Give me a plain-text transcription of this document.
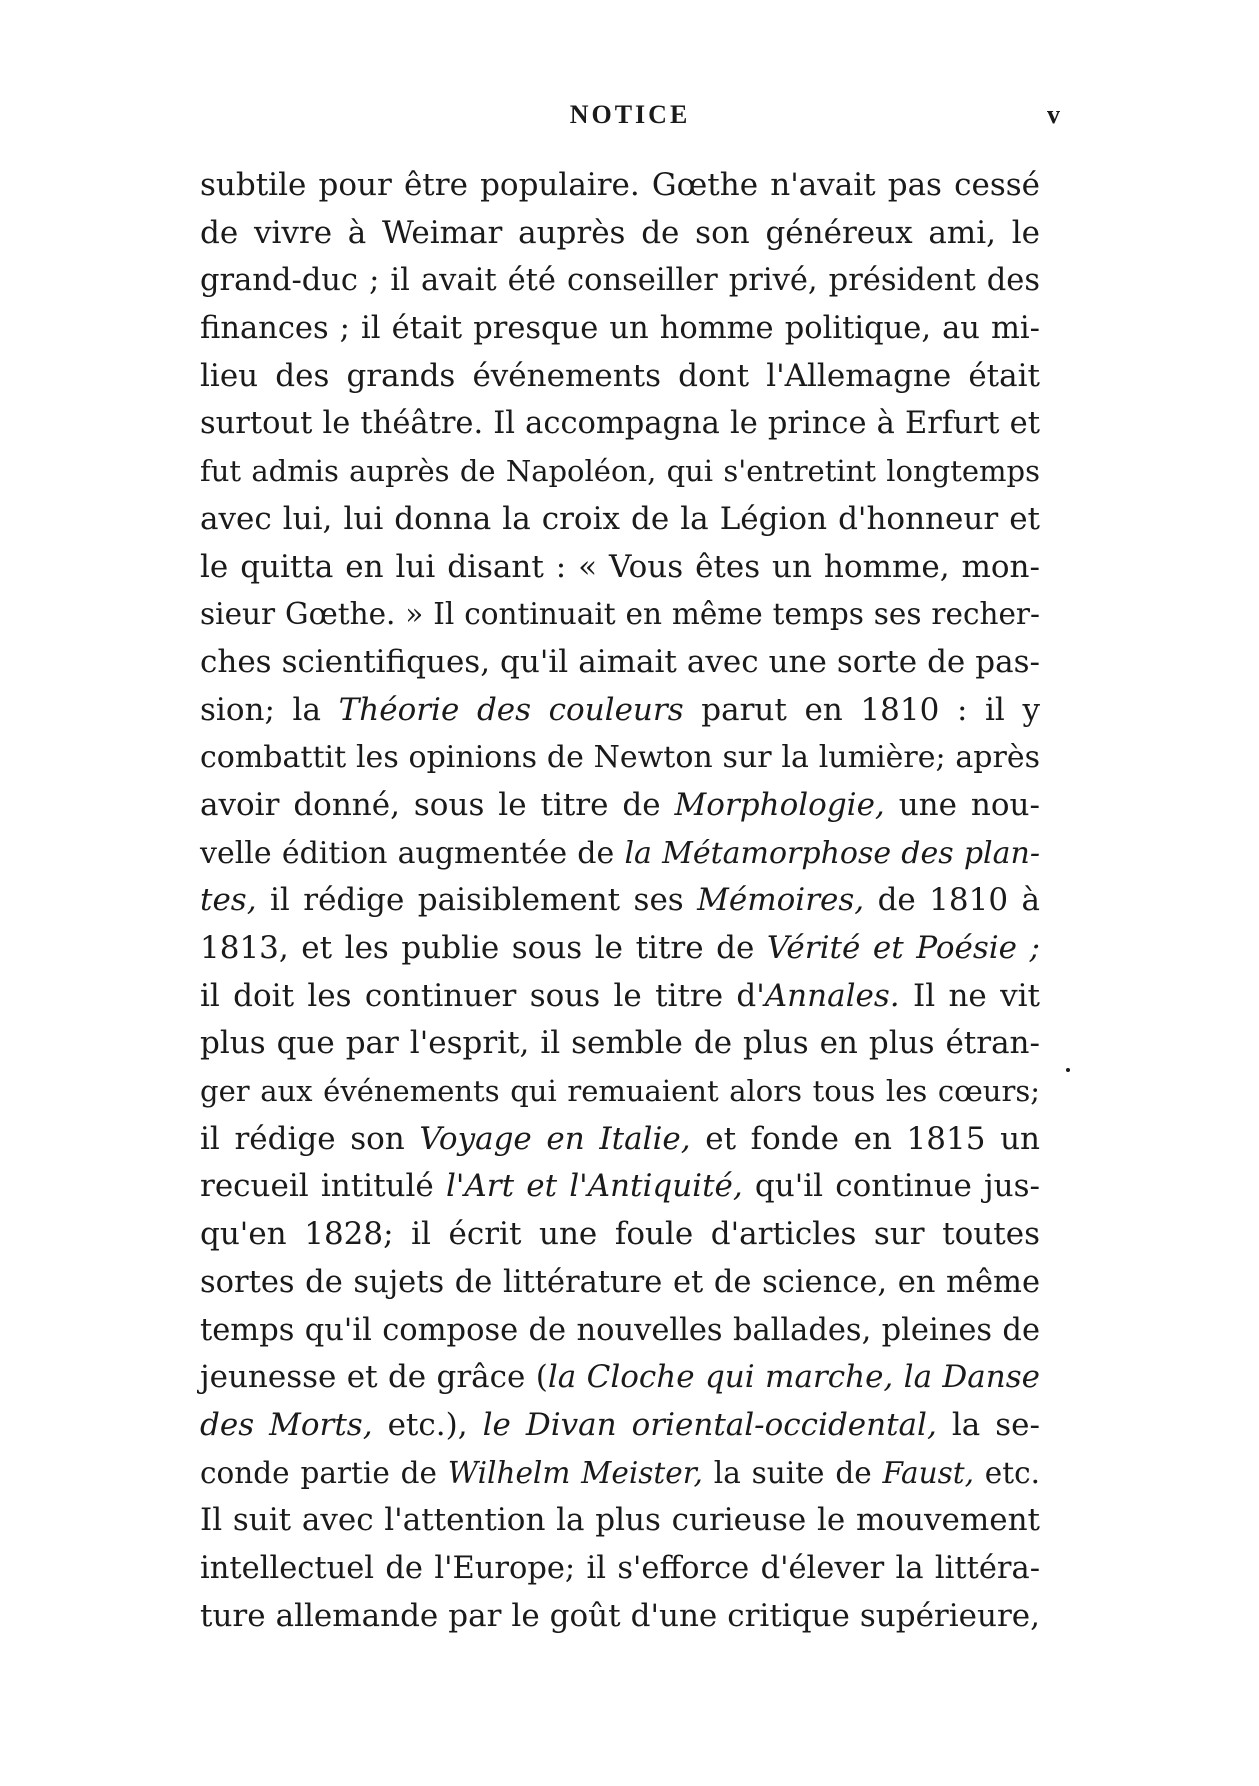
NOTICE	v
subtile pour être populaire. Gœthe n'avait pas cessé
de vivre à Weimar auprès de son généreux ami, le
grand-duc ; il avait été conseiller privé, président des
finances ; il était presque un homme politique, au mi-
lieu des grands événements dont l'Allemagne était
surtout le théâtre. Il accompagna le prince à Erfurt et
fut admis auprès de Napoléon, qui s'entretint longtemps
avec lui, lui donna la croix de la Légion d'honneur et
le quitta en lui disant : « Vous êtes un homme, mon-
sieur Gœthe. » Il continuait en même temps ses recher-
ches scientifiques, qu'il aimait avec une sorte de pas-
sion; la Théorie des couleurs parut en 1810 : il y
combattit les opinions de Newton sur la lumière; après
avoir donné, sous le titre de Morphologie, une nou-
velle édition augmentée de la Métamorphose des plan-
tes, il rédige paisiblement ses Mémoires, de 1810 à
1813, et les publie sous le titre de Vérité et Poésie ;
il doit les continuer sous le titre d'Annales. Il ne vit
plus que par l'esprit, il semble de plus en plus étran-
ger aux événements qui remuaient alors tous les cœurs;
il rédige son Voyage en Italie, et fonde en 1815 un
recueil intitulé l'Art et l'Antiquité, qu'il continue jus-
qu'en 1828; il écrit une foule d'articles sur toutes
sortes de sujets de littérature et de science, en même
temps qu'il compose de nouvelles ballades, pleines de
jeunesse et de grâce (la Cloche qui marche, la Danse
des Morts, etc.), le Divan oriental-occidental, la se-
conde partie de Wilhelm Meister, la suite de Faust, etc.
Il suit avec l'attention la plus curieuse le mouvement
intellectuel de l'Europe; il s'efforce d'élever la littéra-
ture allemande par le goût d'une critique supérieure,
